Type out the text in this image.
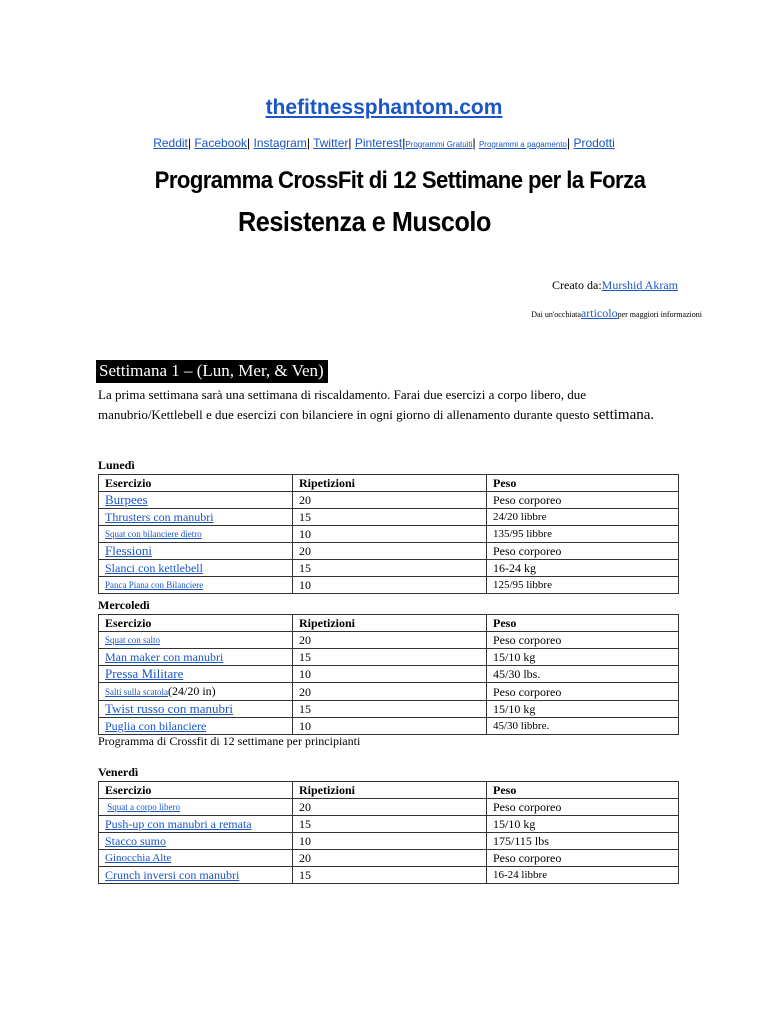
thefitnessphantom.com
Reddit| Facebook| Instagram| Twitter| Pinterest|Programmi Gratuiti| Programmi a pagamento| Prodotti
Programma CrossFit di 12 Settimane per la Forza
Resistenza e Muscolo
Creato da:Murshid Akram
Dai un'occhiataarticoloper maggiori informazioni
Settimana 1 – (Lun, Mer, & Ven)
La prima settimana sarà una settimana di riscaldamento. Farai due esercizi a corpo libero, due manubrio/Kettlebell e due esercizi con bilanciere in ogni giorno di allenamento durante questo settimana.
Lunedì
Esercizio	Ripetizioni	Peso
Burpees	20	Peso corporeo
Thrusters con manubri	15	24/20 libbre
Squat con bilanciere dietro	10	135/95 libbre
Flessioni	20	Peso corporeo
Slanci con kettlebell	15	16-24 kg
Panca Piana con Bilanciere	10	125/95 libbre
Mercoledì
Esercizio	Ripetizioni	Peso
Squat con salto	20	Peso corporeo
Man maker con manubri	15	15/10 kg
Pressa Militare	10	45/30 lbs.
Salti sulla scatola(24/20 in)	20	Peso corporeo
Twist russo con manubri	15	15/10 kg
Puglia con bilanciere	10	45/30 libbre.
Programma di Crossfit di 12 settimane per principianti
Venerdì
Esercizio	Ripetizioni	Peso
Squat a corpo libero	20	Peso corporeo
Push-up con manubri a remata	15	15/10 kg
Stacco sumo	10	175/115 lbs
Ginocchia Alte	20	Peso corporeo
Crunch inversi con manubri	15	16-24 libbre
